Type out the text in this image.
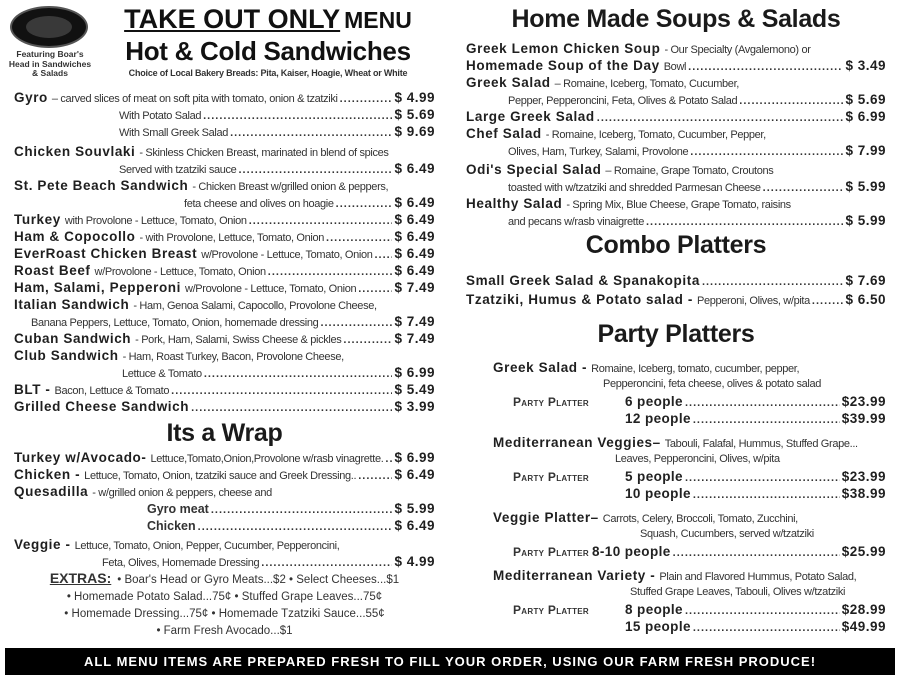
Featuring Boar's Head in Sandwiches & Salads
TAKE OUT ONLY MENU
Hot & Cold Sandwiches
Choice of Local Bakery Breads: Pita, Kaiser, Hoagie, Wheat or White
Gyro – carved slices of meat on soft pita with tomato, onion & tzatziki .....	$ 4.99
With Potato Salad .....	$ 5.69
With Small Greek Salad .....	$ 9.69
Chicken Souvlaki - Skinless Chicken Breast, marinated in blend of spices
Served with tzatziki sauce .....	$ 6.49
St. Pete Beach Sandwich - Chicken Breast w/grilled onion & peppers,
feta cheese and olives on hoagie .....	$ 6.49
Turkey with Provolone - Lettuce, Tomato, Onion .....	$ 6.49
Ham & Copocollo - with Provolone, Lettuce, Tomato, Onion .....	$ 6.49
EverRoast Chicken Breast w/Provolone - Lettuce, Tomato, Onion ..... $ 6.49
Roast Beef w/Provolone - Lettuce, Tomato, Onion .....	$ 6.49
Ham, Salami, Pepperoni w/Provolone - Lettuce, Tomato, Onion .....	$ 7.49
Italian Sandwich - Ham, Genoa Salami, Capocollo, Provolone Cheese,
Banana Peppers, Lettuce, Tomato, Onion, homemade dressing .....	$ 7.49
Cuban Sandwich - Pork, Ham, Salami, Swiss Cheese & pickles .....	$ 7.49
Club Sandwich - Ham, Roast Turkey, Bacon, Provolone Cheese,
Lettuce & Tomato .....	$ 6.99
BLT - Bacon, Lettuce & Tomato .....	$ 5.49
Grilled Cheese Sandwich .....	$ 3.99
Its a Wrap
Turkey w/Avocado- Lettuce,Tomato,Onion,Provolone w/rasb vinagrette. ..... $ 6.99
Chicken - Lettuce, Tomato, Onion, tzatziki sauce and Greek Dressing.. .....	$ 6.49
Quesadilla - w/grilled onion & peppers, cheese and
Gyro meat .....	$ 5.99
Chicken .....	$ 6.49
Veggie - Lettuce, Tomato, Onion, Pepper, Cucumber, Pepperoncini,
Feta, Olives, Homemade Dressing .....	$ 4.99
EXTRAS: • Boar's Head or Gyro Meats...$2 • Select Cheeses...$1
• Homemade Potato Salad...75¢ • Stuffed Grape Leaves...75¢
• Homemade Dressing...75¢ • Homemade Tzatziki Sauce...55¢
• Farm Fresh Avocado...$1
Home Made Soups & Salads
Greek Lemon Chicken Soup - Our Specialty (Avgalemono) or
Homemade Soup of the Day Bowl .....	$ 3.49
Greek Salad – Romaine, Iceberg, Tomato, Cucumber,
Pepper, Pepperoncini, Feta, Olives & Potato Salad .....	$ 5.69
Large Greek Salad .....	$ 6.99
Chef Salad - Romaine, Iceberg, Tomato, Cucumber, Pepper,
Olives, Ham, Turkey, Salami, Provolone .....	$ 7.99
Odi's Special Salad – Romaine, Grape Tomato, Croutons
toasted with w/tzatziki and shredded Parmesan Cheese .....	$ 5.99
Healthy Salad - Spring Mix, Blue Cheese, Grape Tomato, raisins
and pecans w/rasb vinaigrette .....	$ 5.99
Combo Platters
Small Greek Salad & Spanakopita .....	$ 7.69
Tzatziki, Humus & Potato salad - Pepperoni, Olives, w/pita .....	$ 6.50
Party Platters
Greek Salad - Romaine, Iceberg, tomato, cucumber, pepper,
Pepperoncini, feta cheese, olives & potato salad
Party Platter	6 people .....	$23.99
12 people .....	$39.99
Mediterranean Veggies– Tabouli, Falafal, Hummus, Stuffed Grape...
Leaves, Pepperoncini, Olives, w/pita
Party Platter	5 people .....	$23.99
10 people .....	$38.99
Veggie Platter– Carrots, Celery, Broccoli, Tomato, Zucchini,
Squash, Cucumbers, served w/tzatziki
Party Platter 8-10 people .....	$25.99
Mediterranean Variety - Plain and Flavored Hummus, Potato Salad,
Stuffed Grape Leaves, Tabouli, Olives w/tzatziki
Party Platter	8 people .....	$28.99
15 people .....	$49.99
ALL MENU ITEMS ARE PREPARED FRESH TO FILL YOUR ORDER, USING OUR FARM FRESH PRODUCE!
